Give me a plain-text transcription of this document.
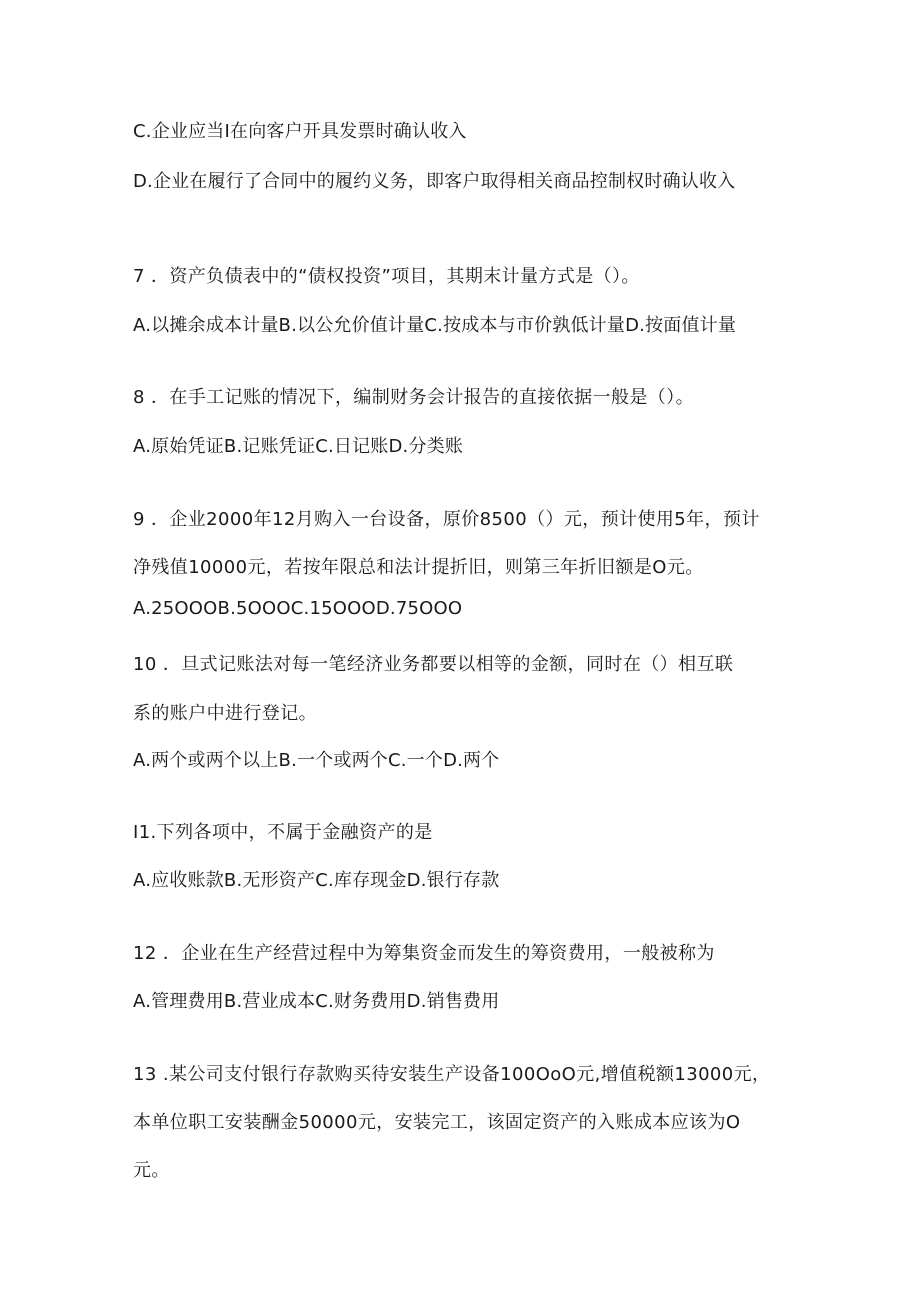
C.企业应当I在向客户开具发票时确认收入
D.企业在履行了合同中的履约义务，即客户取得相关商品控制权时确认收入
7 ．资产负债表中的“债权投资”项目，其期末计量方式是（）。
A.以摊余成本计量B.以公允价值计量C.按成本与市价孰低计量D.按面值计量
8 ．在手工记账的情况下，编制财务会计报告的直接依据一般是（）。
A.原始凭证B.记账凭证C.日记账D.分类账
9 ．企业2000年12月购入一台设备，原价8500（）元，预计使用5年，预计
净残值10000元，若按年限总和法计提折旧，则第三年折旧额是O元。
A.25OOOB.5OOOC.15OOOD.75OOO
10 ．旦式记账法对每一笔经济业务都要以相等的金额，同时在（）相互联
系的账户中进行登记。
A.两个或两个以上B.一个或两个C.一个D.两个
I1.下列各项中，不属于金融资产的是
A.应收账款B.无形资产C.库存现金D.银行存款
12 ．企业在生产经营过程中为筹集资金而发生的筹资费用，一般被称为
A.管理费用B.营业成本C.财务费用D.销售费用
13 .某公司支付银行存款购买待安装生产设备100OoO元,增值税额13000元，
本单位职工安装酬金50000元，安装完工，该固定资产的入账成本应该为O
元。
